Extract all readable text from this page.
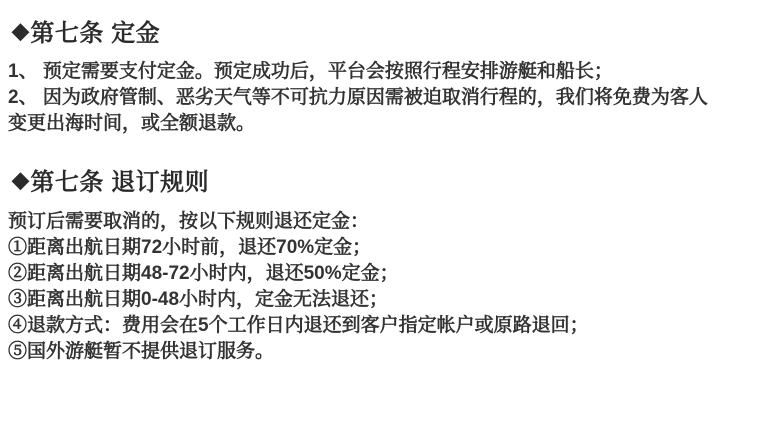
◆ 第七条 定金
1、 预定需要支付定金。预定成功后，平台会按照行程安排游艇和船长；
2、 因为政府管制、恶劣天气等不可抗力原因需被迫取消行程的，我们将免费为客人
变更出海时间，或全额退款。
◆ 第七条 退订规则
预订后需要取消的，按以下规则退还定金：
①距离出航日期72小时前，退还70%定金；
②距离出航日期48-72小时内，退还50%定金；
③距离出航日期0-48小时内，定金无法退还；
④退款方式：费用会在5个工作日内退还到客户指定帐户或原路退回；
⑤国外游艇暂不提供退订服务。
